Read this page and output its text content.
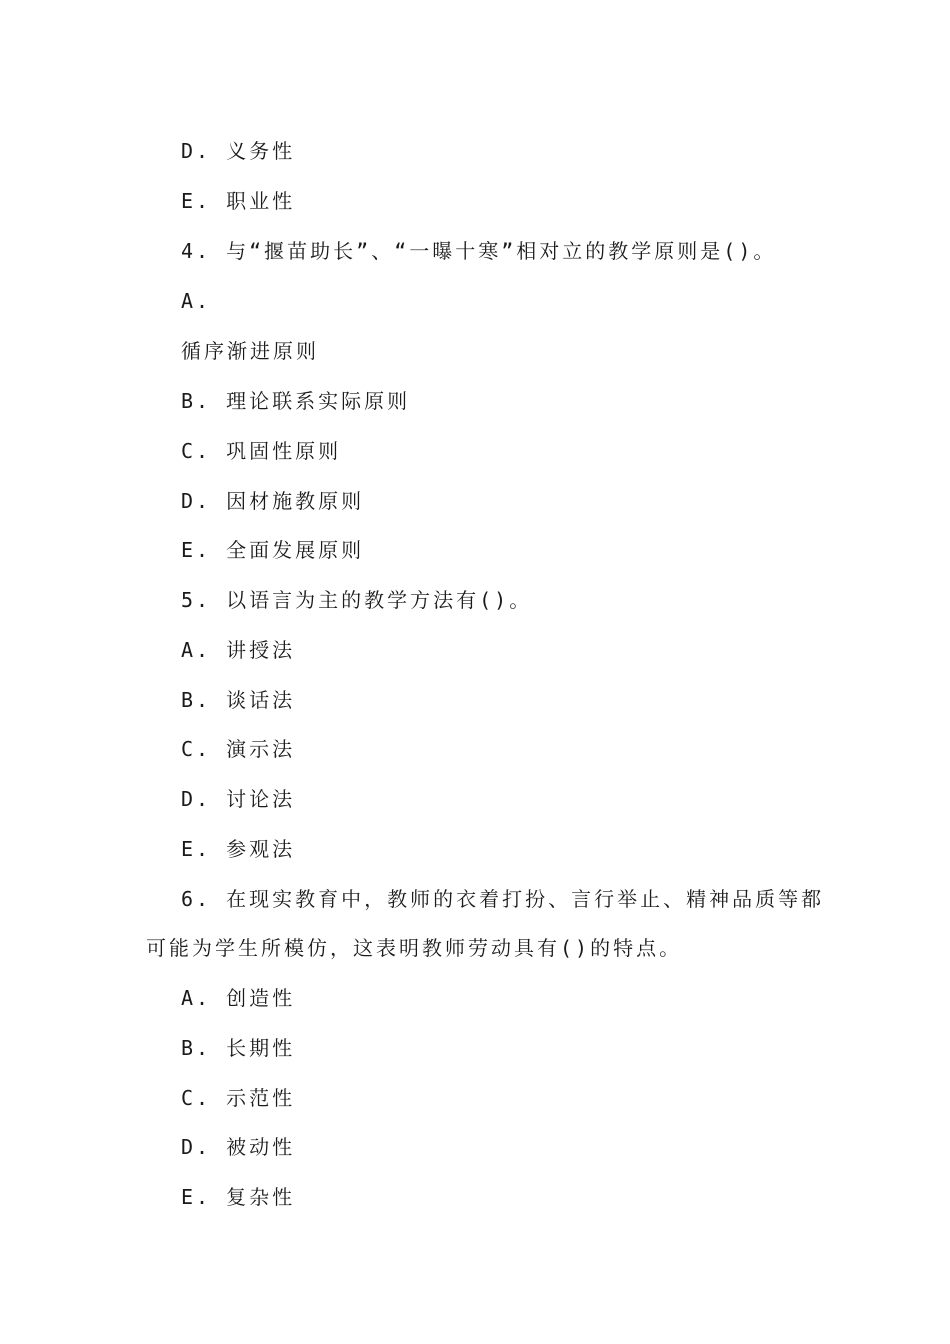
D. 义务性
E. 职业性
4. 与“揠苗助长”、“一曝十寒”相对立的教学原则是()。
A.
循序渐进原则
B. 理论联系实际原则
C. 巩固性原则
D. 因材施教原则
E. 全面发展原则
5. 以语言为主的教学方法有()。
A. 讲授法
B. 谈话法
C. 演示法
D. 讨论法
E. 参观法
6. 在现实教育中，教师的衣着打扮、言行举止、精神品质等都
可能为学生所模仿，这表明教师劳动具有()的特点。
A. 创造性
B. 长期性
C. 示范性
D. 被动性
E. 复杂性
